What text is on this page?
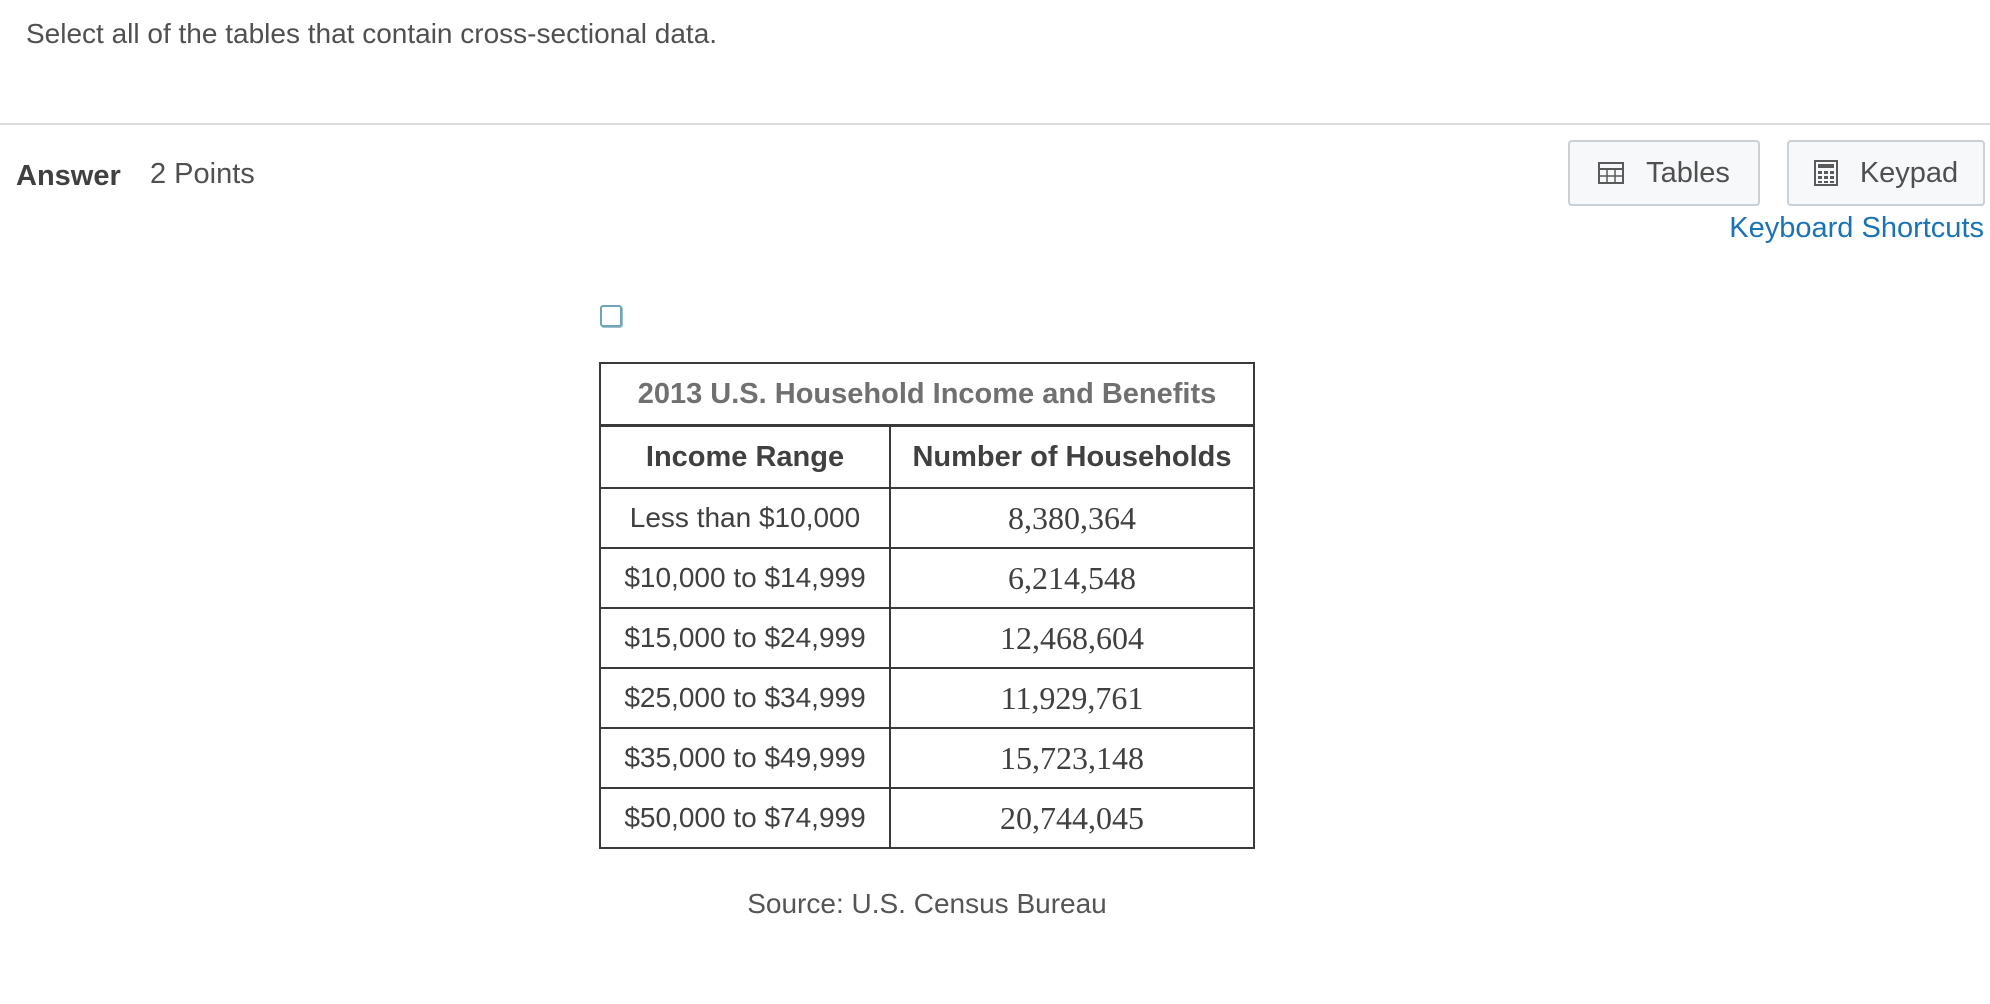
Select all of the tables that contain cross-sectional data.
Answer 2 Points	Tables	Keypad
Keyboard Shortcuts
2013 U.S. Household Income and Benefits	
Income Range	Number of Households
Less than $10,000	8,380,364
$10,000 to $14,999	6,214,548
$15,000 to $24,999	12,468,604
$25,000 to $34,999	11,929,761
$35,000 to $49,999	15,723,148
$50,000 to $74,999	20,744,045
Source: U.S. Census Bureau
